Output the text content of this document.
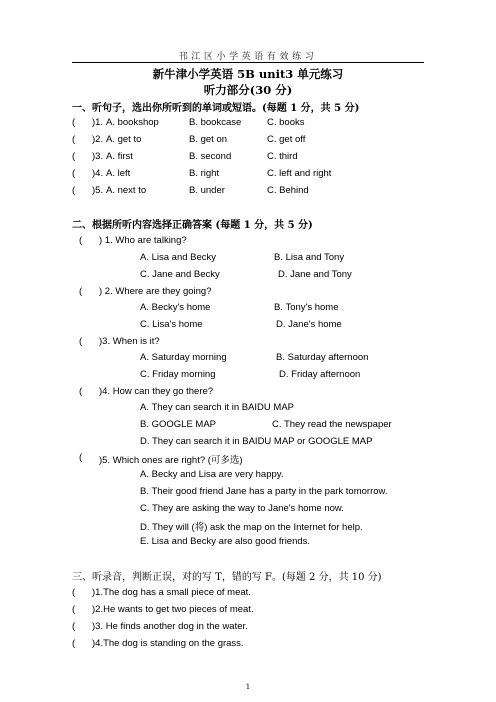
邗江区小学英语有效练习
新牛津小学英语 5B unit3 单元练习
听力部分(30 分)
一、听句子，选出你所听到的单词或短语。(每题 1 分，共 5 分)
( )1. A. bookshop	B. bookcase	C. books
( )2. A. get to	B. get on	C. get off
( )3. A. first	B. second	C. third
( )4. A. left	B. right	C. left and right
( )5. A. next to	B. under	C. Behind
二、根据所听内容选择正确答案 (每题 1 分，共 5 分)
( ) 1. Who are talking?
A. Lisa and Becky	B. Lisa and Tony
C. Jane and Becky	D. Jane and Tony
( ) 2. Where are they going?
A. Becky's home	B. Tony's home
C. Lisa's home	D. Jane's home
( )3. When is it?
A. Saturday morning	B. Saturday afternoon
C. Friday morning	D. Friday afternoon
( )4. How can they go there?
A. They can search it in BAIDU MAP
B. GOOGLE MAP	C. They read the newspaper
D. They can search it in BAIDU MAP or GOOGLE MAP
( )5. Which ones are right? (可多选)
A. Becky and Lisa are very happy.
B. Their good friend Jane has a party in the park tomorrow.
C. They are asking the way to Jane's home now.
D. They will (将) ask the map on the Internet for help.
E. Lisa and Becky are also good friends.
三、听录音，判断正误，对的写 T，错的写 F。(每题 2 分，共 10 分)
( )1.The dog has a small piece of meat.
( )2.He wants to get two pieces of meat.
( )3. He finds another dog in the water.
( )4.The dog is standing on the grass.
1
